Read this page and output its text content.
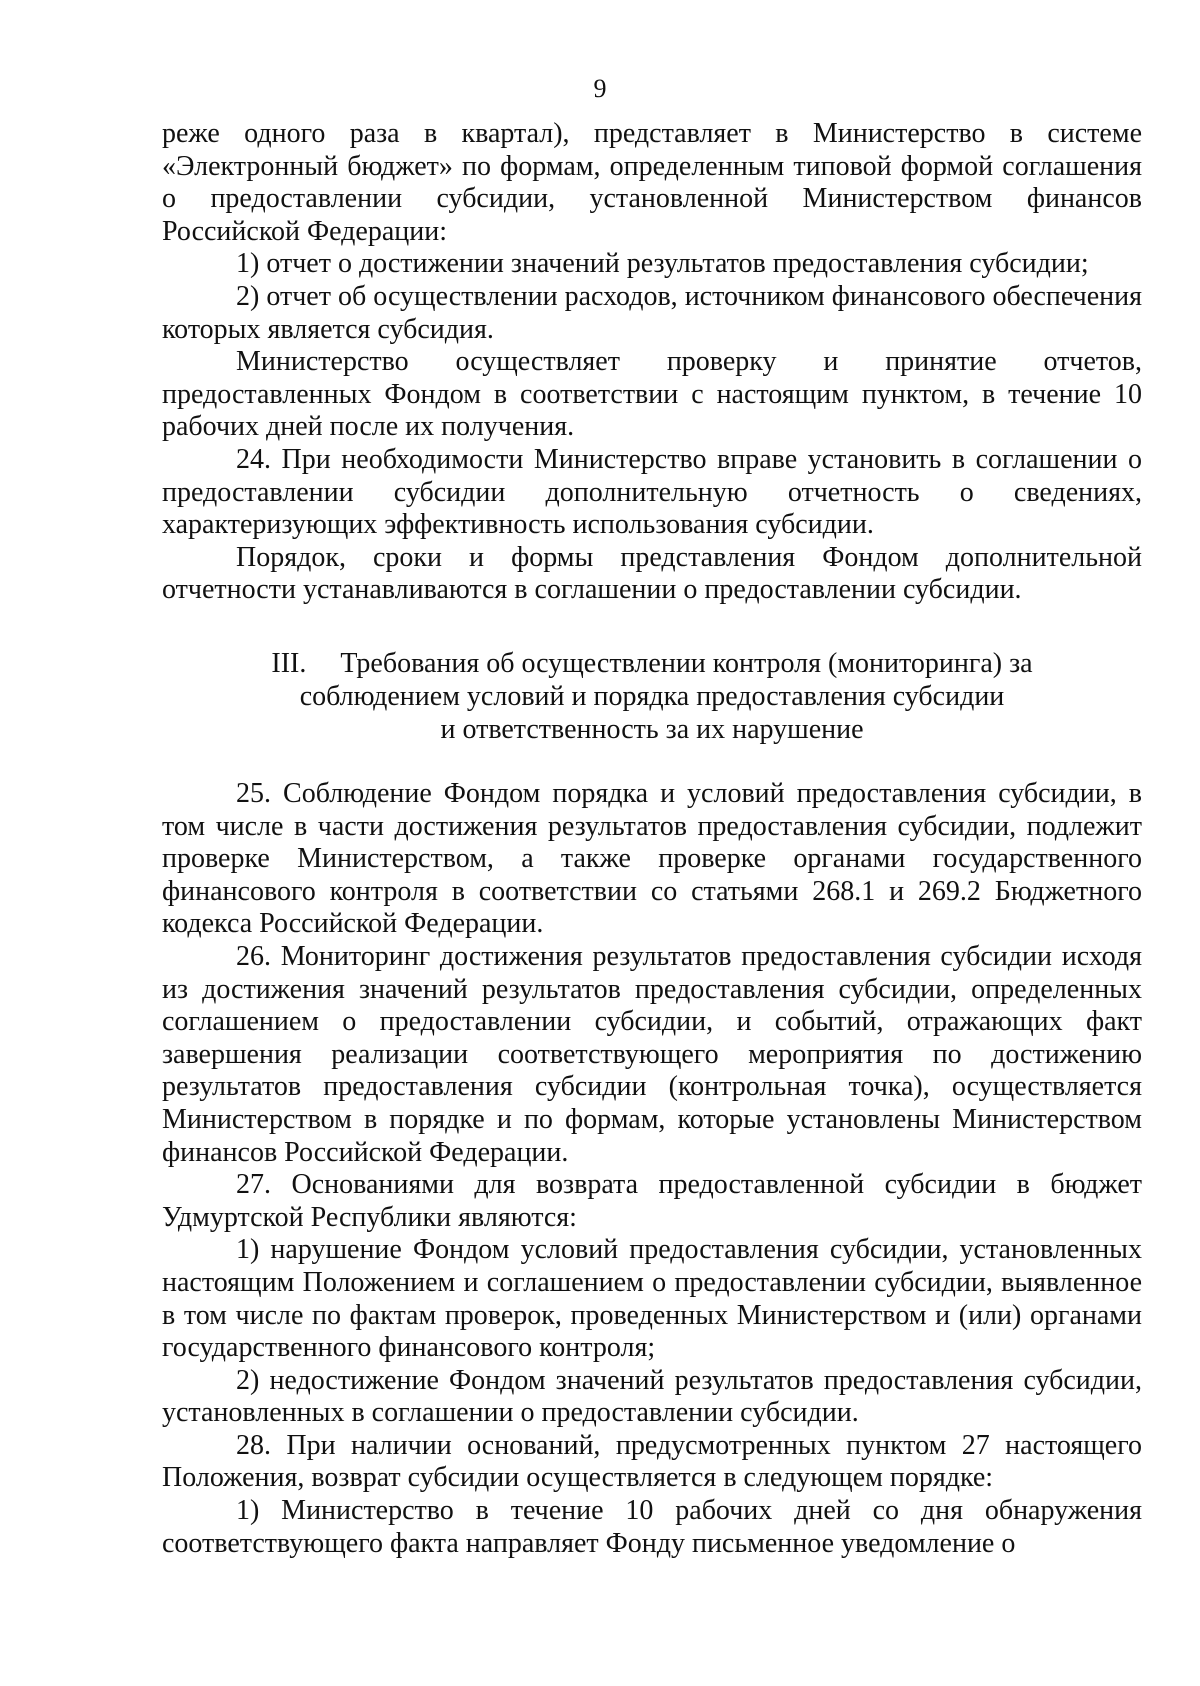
9

реже одного раза в квартал), представляет в Министерство в системе «Электронный бюджет» по формам, определенным типовой формой соглашения о предоставлении субсидии, установленной Министерством финансов Российской Федерации:

1) отчет о достижении значений результатов предоставления субсидии;

2) отчет об осуществлении расходов, источником финансового обеспечения которых является субсидия.

Министерство осуществляет проверку и принятие отчетов, предоставленных Фондом в соответствии с настоящим пунктом, в течение 10 рабочих дней после их получения.

24. При необходимости Министерство вправе установить в соглашении о предоставлении субсидии дополнительную отчетность о сведениях, характеризующих эффективность использования субсидии.

Порядок, сроки и формы представления Фондом дополнительной отчетности устанавливаются в соглашении о предоставлении субсидии.

III. Требования об осуществлении контроля (мониторинга) за
соблюдением условий и порядка предоставления субсидии
и ответственность за их нарушение

25. Соблюдение Фондом порядка и условий предоставления субсидии, в том числе в части достижения результатов предоставления субсидии, подлежит проверке Министерством, а также проверке органами государственного финансового контроля в соответствии со статьями 268.1 и 269.2 Бюджетного кодекса Российской Федерации.

26. Мониторинг достижения результатов предоставления субсидии исходя из достижения значений результатов предоставления субсидии, определенных соглашением о предоставлении субсидии, и событий, отражающих факт завершения реализации соответствующего мероприятия по достижению результатов предоставления субсидии (контрольная точка), осуществляется Министерством в порядке и по формам, которые установлены Министерством финансов Российской Федерации.

27. Основаниями для возврата предоставленной субсидии в бюджет Удмуртской Республики являются:

1) нарушение Фондом условий предоставления субсидии, установленных настоящим Положением и соглашением о предоставлении субсидии, выявленное в том числе по фактам проверок, проведенных Министерством и (или) органами государственного финансового контроля;

2) недостижение Фондом значений результатов предоставления субсидии, установленных в соглашении о предоставлении субсидии.

28. При наличии оснований, предусмотренных пунктом 27 настоящего Положения, возврат субсидии осуществляется в следующем порядке:

1) Министерство в течение 10 рабочих дней со дня обнаружения соответствующего факта направляет Фонду письменное уведомление о
